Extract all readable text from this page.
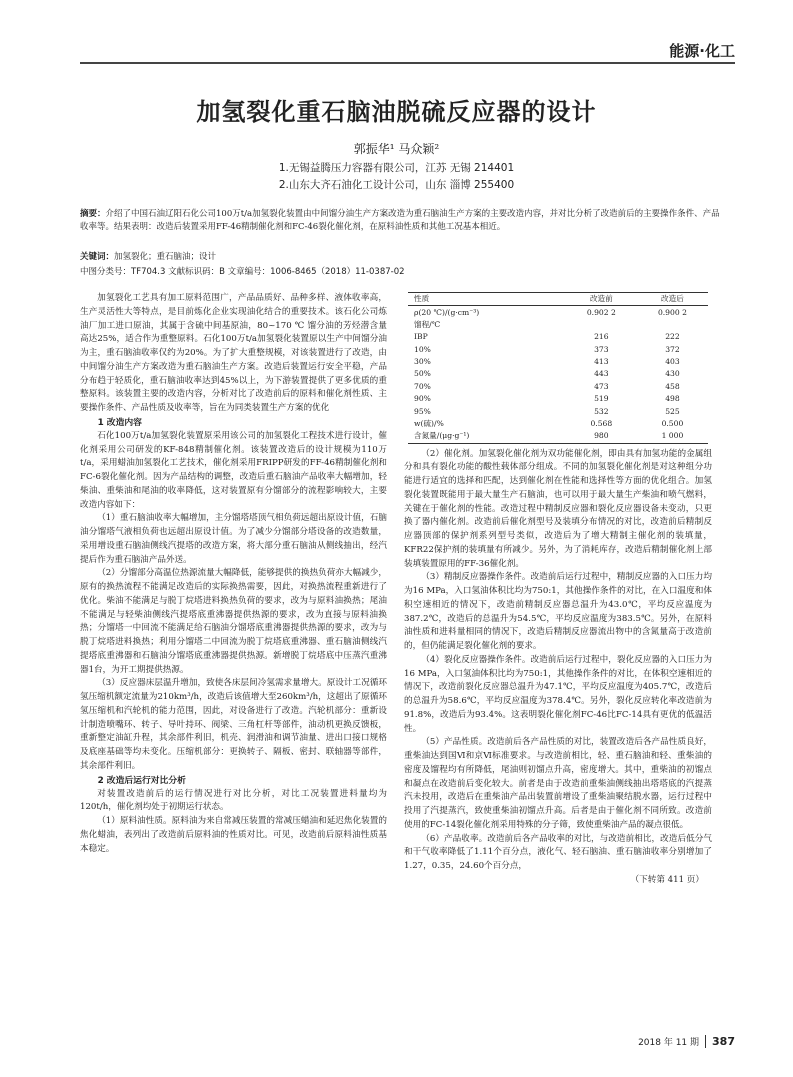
能源·化工
加氢裂化重石脑油脱硫反应器的设计
郭振华¹ 马众颖²
1.无锡益腾压力容器有限公司，江苏 无锡 214401
2.山东大齐石油化工设计公司，山东 淄博 255400
摘要：介绍了中国石油辽阳石化公司100万t/a加氢裂化装置由中间馏分油生产方案改造为重石脑油生产方案的主要改造内容，并对比分析了改造前后的主要操作条件、产品收率等。结果表明：改造后装置采用FF-46精制催化剂和FC-46裂化催化剂，在原料油性质和其他工况基本相近。
关键词：加氢裂化；重石脑油；设计
中图分类号：TF704.3 文献标识码：B 文章编号：1006-8465（2018）11-0387-02

加氢裂化工艺具有加工原料范围广，产品品质好、品种多样、液体收率高，生产灵活性大等特点，是目前炼化企业实现油化结合的重要技术。该石化公司炼油厂加工进口原油，其属于含硫中间基原油，80~170 ℃ 馏分油的芳烃潜含量高达25%，适合作为重整原料。石化100万t/a加氢裂化装置原以生产中间馏分油为主，重石脑油收率仅约为20%。为了扩大重整规模，对该装置进行了改造，由中间馏分油生产方案改造为重石脑油生产方案。改造后装置运行安全平稳，产品分布趋于轻质化，重石脑油收率达到45%以上，为下游装置提供了更多优质的重整原料。该装置主要的改造内容，分析对比了改造前后的原料和催化剂性质、主要操作条件、产品性质及收率等，旨在为同类装置生产方案的优化

1 改造内容

石化100万t/a加氢裂化装置原采用该公司的加氢裂化工程技术进行设计，催化剂采用公司研发的KF-848精制催化剂。该装置改造后的设计规模为110万t/a，采用蜡油加氢裂化工艺技术，催化剂采用FRIPP研发的FF-46精制催化剂和FC-6裂化催化剂。因为产品结构的调整，改造后重石脑油产品收率大幅增加，轻柴油、重柴油和尾油的收率降低，这对装置原有分馏部分的流程影响较大，主要改造内容如下：

（1）重石脑油收率大幅增加，主分馏塔塔顶气相负荷远超出原设计值，石脑油分馏塔气液相负荷也远超出原设计值。为了减少分馏部分塔设备的改造数量，采用增设重石脑油侧线汽提塔的改造方案，将大部分重石脑油从侧线抽出，经汽提后作为重石脑油产品外送。

（2）分馏部分高温位热源流量大幅降低，能够提供的换热负荷亦大幅减少，原有的换热流程不能满足改造后的实际换热需要，因此，对换热流程重新进行了优化。柴油不能满足与脱丁烷塔进料换热负荷的要求，改为与原料油换热；尾油不能满足与轻柴油侧线汽提塔底重沸器提供热源的要求，改为直接与原料油换热；分馏塔一中回流不能满足给石脑油分馏塔底重沸器提供热源的要求，改为与脱丁烷塔进料换热；利用分馏塔二中回流为脱丁烷塔底重沸器、重石脑油侧线汽提塔底重沸器和石脑油分馏塔底重沸器提供热源。新增脱丁烷塔底中压蒸汽重沸器1台，为开工期提供热源。

（3）反应器床层温升增加，致使各床层间冷氢需求量增大。原设计工况循环氢压缩机额定流量为210km³/h，改造后该值增大至260km³/h，这超出了原循环氢压缩机和汽轮机的能力范围，因此，对设备进行了改造。汽轮机部分：重新设计制造喷嘴环、转子、导叶持环、阀梁、三角杠杆等部件，油动机更换反馈板，重新整定油缸升程，其余部件利旧，机壳、润滑油和调节油量、进出口接口规格及底座基础等均未变化。压缩机部分：更换转子、隔板、密封、联轴器等部件，其余部件利旧。

2 改造后运行对比分析

对装置改造前后的运行情况进行对比分析，对比工况装置进料量均为120t/h，催化剂均处于初期运行状态。

（1）原料油性质。原料油为来自常减压装置的常减压蜡油和延迟焦化装置的焦化蜡油，表列出了改造前后原料油的性质对比。可见，改造前后原料油性质基本稳定。

性质	改造前	改造后
ρ(20 ℃)/(g·cm⁻³)	0.902 2	0.900 2
馏程/℃		
IBP	216	222
10%	373	372
30%	413	403
50%	443	430
70%	473	458
90%	519	498
95%	532	525
w(硫)/%	0.568	0.500
含氮量/(μg·g⁻¹)	980	1 000

（2）催化剂。加氢裂化催化剂为双功能催化剂，即由具有加氢功能的金属组分和具有裂化功能的酸性载体部分组成。不同的加氢裂化催化剂是对这种组分功能进行适宜的选择和匹配，达到催化剂在性能和选择性等方面的优化组合。加氢裂化装置既能用于最大量生产石脑油，也可以用于最大量生产柴油和喷气燃料，关键在于催化剂的性能。改造过程中精制反应器和裂化反应器设备未变动，只更换了器内催化剂。改造前后催化剂型号及装填分布情况的对比，改造前后精制反应器顶部的保护剂系列型号类似，改造后为了增大精制主催化剂的装填量，KFR22保护剂的装填量有所减少。另外，为了消耗库存，改造后精制催化剂上部装填装置原用的FF-36催化剂。

（3）精制反应器操作条件。改造前后运行过程中，精制反应器的入口压力均为16 MPa，入口氢油体积比均为750:1，其他操作条件的对比，在入口温度和体积空速相近的情况下，改造前精制反应器总温升为43.0℃，平均反应温度为387.2℃，改造后的总温升为54.5℃，平均反应温度为383.5℃。另外，在原料油性质和进料量相同的情况下，改造后精制反应器流出物中的含氮量高于改造前的，但仍能满足裂化催化剂的要求。

（4）裂化反应器操作条件。改造前后运行过程中，裂化反应器的入口压力为16 MPa，入口氢油体积比均为750:1，其他操作条件的对比，在体积空速相近的情况下，改造前裂化反应器总温升为47.1℃，平均反应温度为405.7℃，改造后的总温升为58.6℃，平均反应温度为378.4℃。另外，裂化反应转化率改造前为91.8%，改造后为93.4%。这表明裂化催化剂FC-46比FC-14具有更优的低温活性。

（5）产品性质。改造前后各产品性质的对比，装置改造后各产品性质良好，重柴油达到国Ⅵ和京Ⅵ标准要求。与改造前相比，轻、重石脑油和轻、重柴油的密度及馏程均有所降低，尾油则初馏点升高，密度增大。其中，重柴油的初馏点和凝点在改造前后变化较大。前者是由于改造前重柴油侧线抽出塔塔底的汽提蒸汽未投用，改造后在重柴油产品出装置前增设了重柴油聚结脱水器，运行过程中投用了汽提蒸汽，致使重柴油初馏点升高。后者是由于催化剂不同所致。改造前使用的FC-14裂化催化剂采用特殊的分子筛，致使重柴油产品的凝点很低。

（6）产品收率。改造前后各产品收率的对比，与改造前相比，改造后低分气和干气收率降低了1.11个百分点，液化气、轻石脑油、重石脑油收率分别增加了1.27，0.35，24.60个百分点，

（下转第 411 页）

2018 年 11 期 387
